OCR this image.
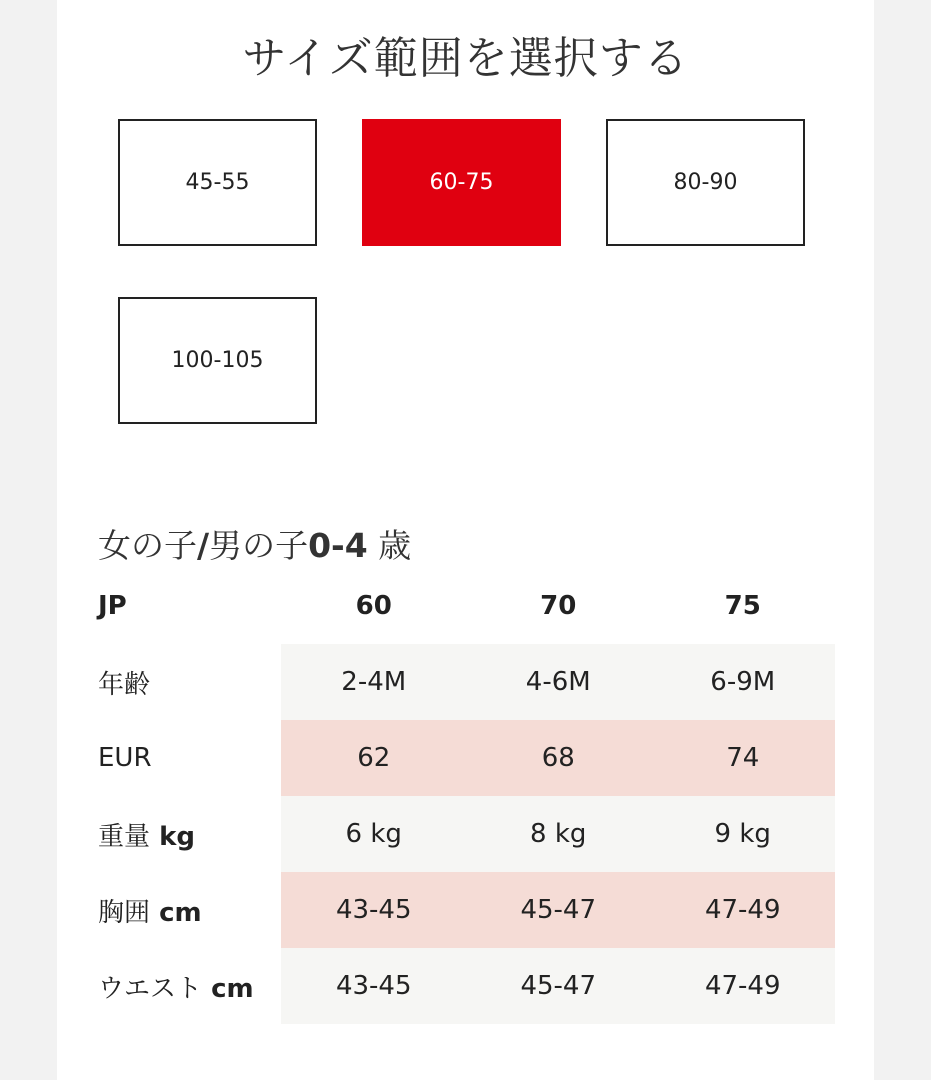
サイズ範囲を選択する
45-55	60-75	80-90
100-105
女の子/男の子0-4 歳
JP	60	70	75
年齢	2-4M	4-6M	6-9M
EUR	62	68	74
重量 kg	6 kg	8 kg	9 kg
胸囲 cm	43-45	45-47	47-49
ウエスト cm	43-45	45-47	47-49
